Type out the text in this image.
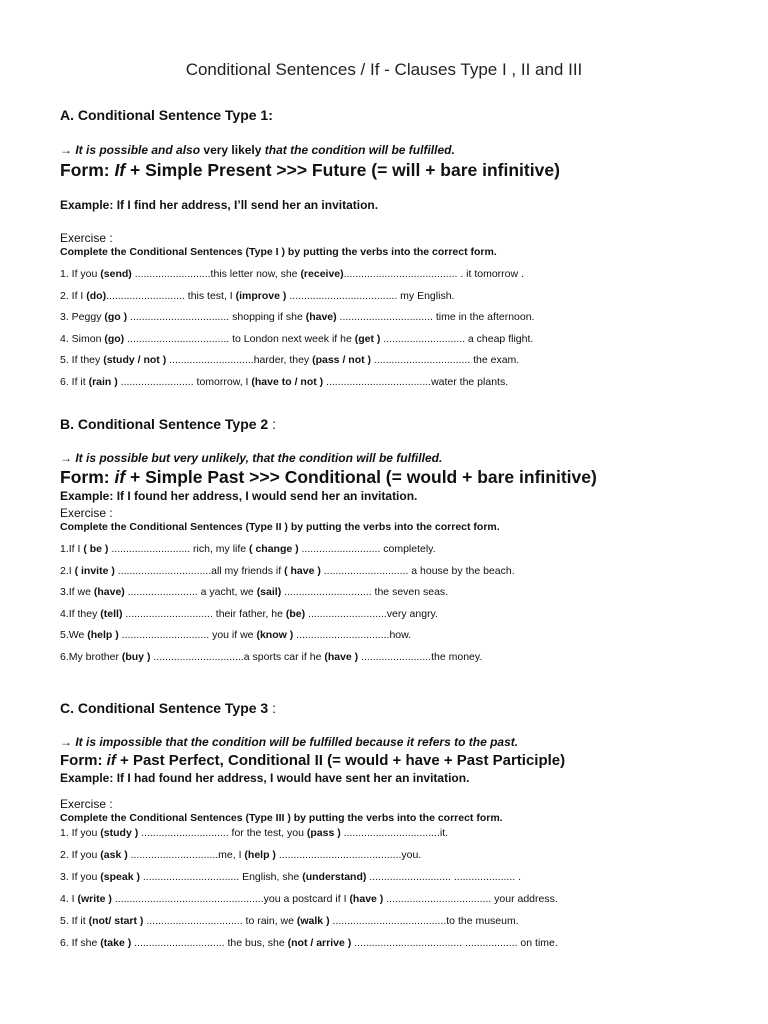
Conditional Sentences / If - Clauses Type I , II and III
A. Conditional Sentence Type 1:
→ It is possible and also very likely that the condition will be fulfilled.
Form: If + Simple Present >>> Future (= will + bare infinitive)
Example: If I find her address, I’ll send her an invitation.
Exercise :
Complete the Conditional Sentences (Type I ) by putting the verbs into the correct form.
1. If you (send) ..........................this letter now, she (receive)....................................... . it tomorrow .
2. If I (do)........................... this test, I (improve ) ..................................... my English.
3. Peggy (go ) .................................. shopping if she (have) ................................ time in the afternoon.
4. Simon (go) ................................... to London next week if he (get ) ............................ a cheap flight.
5. If they (study / not ) .............................harder, they (pass / not ) ................................. the exam.
6. If it (rain ) ......................... tomorrow, I (have to / not ) ....................................water the plants.
B. Conditional Sentence Type 2 :
→ It is possible but very unlikely, that the condition will be fulfilled.
Form: if + Simple Past >>> Conditional (= would + bare infinitive)
Example: If I found her address, I would send her an invitation.
Exercise :
Complete the Conditional Sentences (Type II ) by putting the verbs into the correct form.
1.If I ( be ) ........................... rich, my life ( change ) ........................... completely.
2.I ( invite ) ................................all my friends if ( have ) ............................. a house by the beach.
3.If we (have) ........................ a yacht, we (sail) .............................. the seven seas.
4.If they (tell) .............................. their father, he (be) ...........................very angry.
5.We (help ) .............................. you if we (know ) ................................how.
6.My brother (buy ) ...............................a sports car if he (have ) ........................the money.
C. Conditional Sentence Type 3 :
→ It is impossible that the condition will be fulfilled because it refers to the past.
Form: if + Past Perfect, Conditional II (= would + have + Past Participle)
Example: If I had found her address, I would have sent her an invitation.
Exercise :
Complete the Conditional Sentences (Type III ) by putting the verbs into the correct form.
1. If you (study ) .............................. for the test, you (pass ) .................................it.
2. If you (ask ) ..............................me, I (help ) ..........................................you.
3. If you (speak ) ................................. English, she (understand) ............................ ..................... .
4. I (write ) ...................................................you a postcard if I (have ) .................................... your address.
5. If it (not/ start ) ................................. to rain, we (walk ) .......................................to the museum.
6. If she (take ) ............................... the bus, she (not / arrive ) ..................................... .................. on time.
